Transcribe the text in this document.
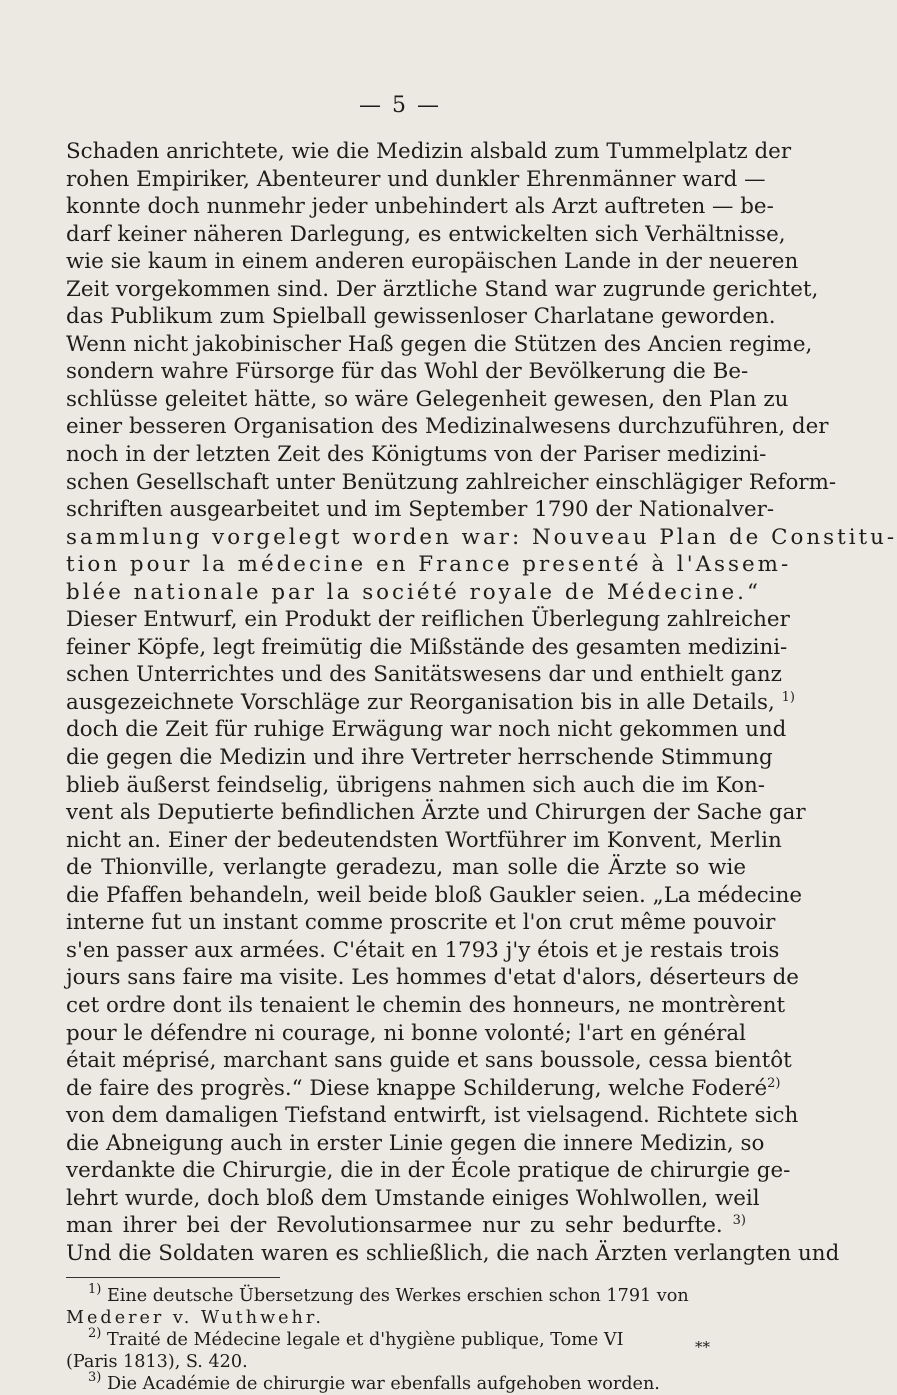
— 5 —
Schaden anrichtete, wie die Medizin alsbald zum Tummelplatz der
rohen Empiriker, Abenteurer und dunkler Ehrenmänner ward —
konnte doch nunmehr jeder unbehindert als Arzt auftreten — be-
darf keiner näheren Darlegung, es entwickelten sich Verhältnisse,
wie sie kaum in einem anderen europäischen Lande in der neueren
Zeit vorgekommen sind. Der ärztliche Stand war zugrunde gerichtet,
das Publikum zum Spielball gewissenloser Charlatane geworden.
Wenn nicht jakobinischer Haß gegen die Stützen des Ancien regime,
sondern wahre Fürsorge für das Wohl der Bevölkerung die Be-
schlüsse geleitet hätte, so wäre Gelegenheit gewesen, den Plan zu
einer besseren Organisation des Medizinalwesens durchzuführen, der
noch in der letzten Zeit des Königtums von der Pariser medizini-
schen Gesellschaft unter Benützung zahlreicher einschlägiger Reform-
schriften ausgearbeitet und im September 1790 der Nationalver-
sammlung vorgelegt worden war: Nouveau Plan de Constitu-
tion pour la médecine en France presenté à l'Assem-
blée nationale par la société royale de Médecine.“
Dieser Entwurf, ein Produkt der reiflichen Überlegung zahlreicher
feiner Köpfe, legt freimütig die Mißstände des gesamten medizini-
schen Unterrichtes und des Sanitätswesens dar und enthielt ganz
ausgezeichnete Vorschläge zur Reorganisation bis in alle Details, $^{1)}$
doch die Zeit für ruhige Erwägung war noch nicht gekommen und
die gegen die Medizin und ihre Vertreter herrschende Stimmung
blieb äußerst feindselig, übrigens nahmen sich auch die im Kon-
vent als Deputierte befindlichen Ärzte und Chirurgen der Sache gar
nicht an. Einer der bedeutendsten Wortführer im Konvent, Merlin
de Thionville, verlangte geradezu, man solle die Ärzte so wie
die Pfaffen behandeln, weil beide bloß Gaukler seien. „La médecine
interne fut un instant comme proscrite et l'on crut même pouvoir
s'en passer aux armées. C'était en 1793 j'y étois et je restais trois
jours sans faire ma visite. Les hommes d'etat d'alors, déserteurs de
cet ordre dont ils tenaient le chemin des honneurs, ne montrèrent
pour le défendre ni courage, ni bonne volonté; l'art en général
était méprisé, marchant sans guide et sans boussole, cessa bientôt
de faire des progrès.“ Diese knappe Schilderung, welche Foderé$^{2)}$
von dem damaligen Tiefstand entwirft, ist vielsagend. Richtete sich
die Abneigung auch in erster Linie gegen die innere Medizin, so
verdankte die Chirurgie, die in der École pratique de chirurgie ge-
lehrt wurde, doch bloß dem Umstande einiges Wohlwollen, weil
man ihrer bei der Revolutionsarmee nur zu sehr bedurfte. $^{3)}$
Und die Soldaten waren es schließlich, die nach Ärzten verlangten und
$^{1)}$ Eine deutsche Übersetzung des Werkes erschien schon 1791 von
Mederer v. Wuthwehr.
$^{2)}$ Traité de Médecine legale et d'hygiène publique, Tome VI
(Paris 1813), S. 420.
$^{3)}$ Die Académie de chirurgie war ebenfalls aufgehoben worden.
**
